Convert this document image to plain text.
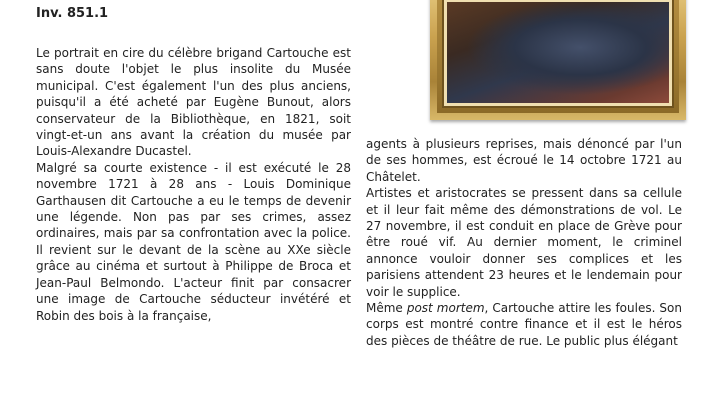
Inv. 851.1

Le portrait en cire du célèbre brigand Cartouche est sans doute l'objet le plus insolite du Musée municipal. C'est également l'un des plus anciens, puisqu'il a été acheté par Eugène Bunout, alors conservateur de la Bibliothèque, en 1821, soit vingt-et-un ans avant la création du musée par Louis-Alexandre Ducastel.

Malgré sa courte existence - il est exécuté le 28 novembre 1721 à 28 ans - Louis Dominique Garthausen dit Cartouche a eu le temps de devenir une légende. Non pas par ses crimes, assez ordinaires, mais par sa confrontation avec la police. Il revient sur le devant de la scène au XXe siècle grâce au cinéma et surtout à Philippe de Broca et Jean-Paul Belmondo. L'acteur finit par consacrer une image de Cartouche séducteur invétéré et Robin des bois à la française,

agents à plusieurs reprises, mais dénoncé par l'un de ses hommes, est écroué le 14 octobre 1721 au Châtelet.

Artistes et aristocrates se pressent dans sa cellule et il leur fait même des démonstrations de vol. Le 27 novembre, il est conduit en place de Grève pour être roué vif. Au dernier moment, le criminel annonce vouloir donner ses complices et les parisiens attendent 23 heures et le lendemain pour voir le supplice.

Même post mortem, Cartouche attire les foules. Son corps est montré contre finance et il est le héros des pièces de théâtre de rue. Le public plus élégant
